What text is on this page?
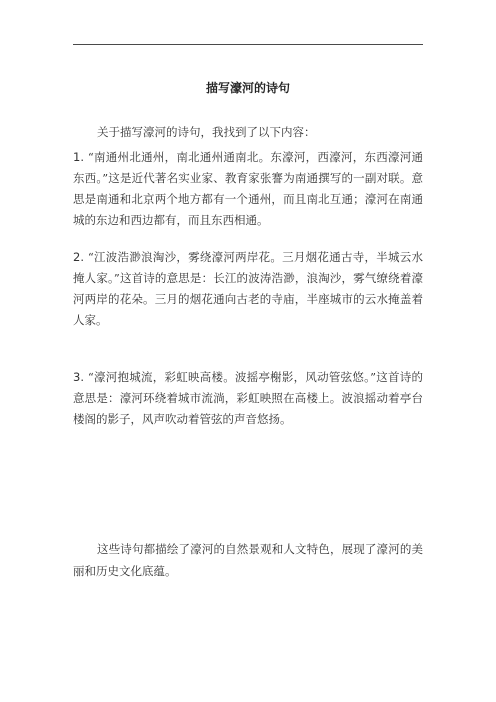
描写濠河的诗句
关于描写濠河的诗句，我找到了以下内容：
1. “南通州北通州，南北通州通南北。东濠河，西濠河，东西濠河通东西。”这是近代著名实业家、教育家张謇为南通撰写的一副对联。意思是南通和北京两个地方都有一个通州，而且南北互通；濠河在南通城的东边和西边都有，而且东西相通。
2. “江波浩渺浪淘沙，雾绕濠河两岸花。三月烟花通古寺，半城云水掩人家。”这首诗的意思是：长江的波涛浩渺，浪淘沙，雾气缭绕着濠河两岸的花朵。三月的烟花通向古老的寺庙，半座城市的云水掩盖着人家。
3. “濠河抱城流，彩虹映高楼。波摇亭榭影，风动管弦悠。”这首诗的意思是：濠河环绕着城市流淌，彩虹映照在高楼上。波浪摇动着亭台楼阁的影子，风声吹动着管弦的声音悠扬。
这些诗句都描绘了濠河的自然景观和人文特色，展现了濠河的美丽和历史文化底蕴。
